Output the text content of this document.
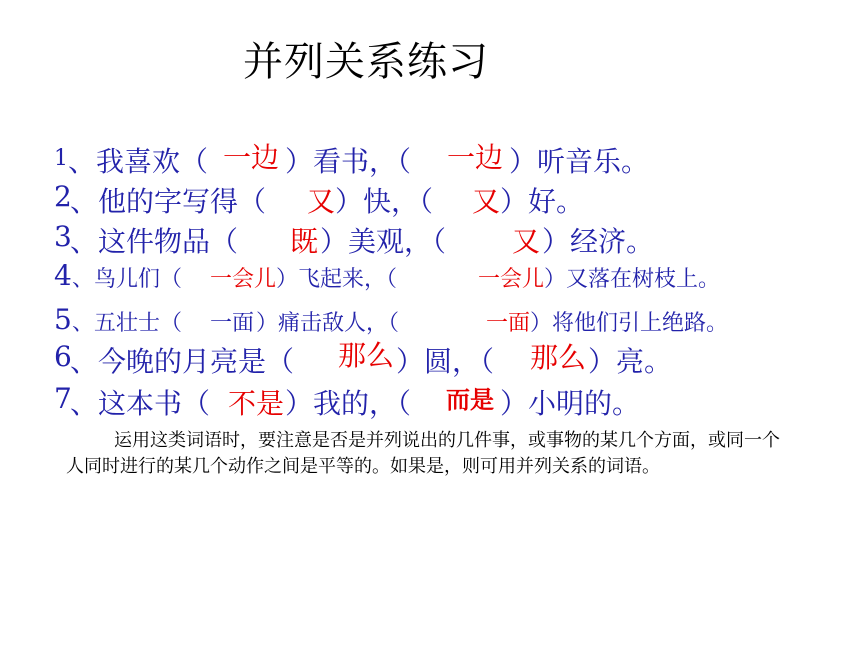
并列关系练习
1 、我喜欢（ 一边 ）看书，（ 一边 ）听音乐。
2
、他的字写得（ 又 ）快，（ 又 ）好。
3
、这件物品（ 既 ）美观，（ 又 ）经济。
4 、鸟儿们（ 一会儿 ）飞起来，（	一会儿 ）又落在树枝上。
5 、五壮士（ 一面 ）痛击敌人，（	一面 ）将他们引上绝路。
6
、今晚的月亮是（ 那么 ）圆，（ 那么 ）亮。
7
、这本书（ 不是 ）我的，（ 而是 ）小明的。
运用这类词语时，要注意是否是并列说出的几件事，或事物的某几个方面，或同一个人同时进行的某几个动作之间是平等的。如果是，则可用并列关系的词语。
